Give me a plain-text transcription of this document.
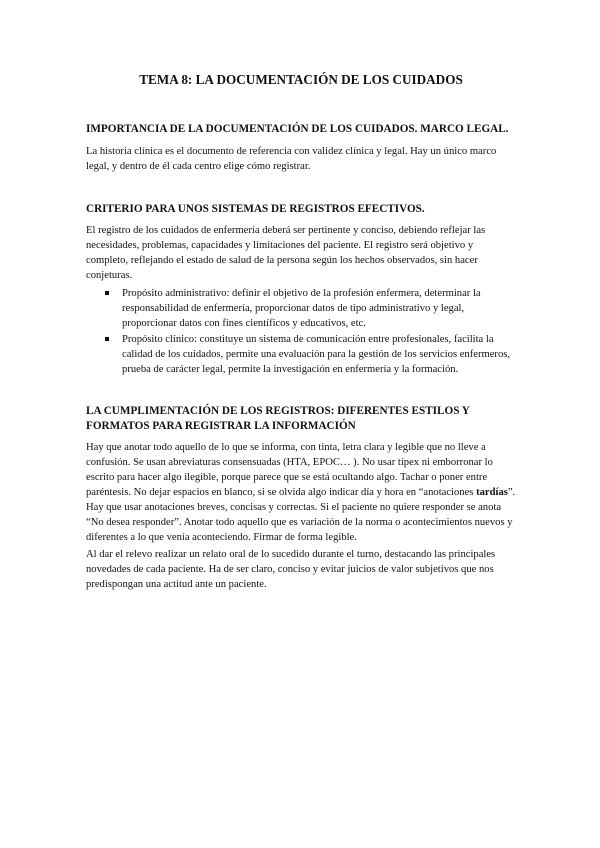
TEMA 8: LA DOCUMENTACIÓN DE LOS CUIDADOS
IMPORTANCIA DE LA DOCUMENTACIÓN DE LOS CUIDADOS. MARCO LEGAL.

La historia clínica es el documento de referencia con validez clínica y legal. Hay un único marco legal, y dentro de él cada centro elige cómo registrar.

CRITERIO PARA UNOS SISTEMAS DE REGISTROS EFECTIVOS.

El registro de los cuidados de enfermería deberá ser pertinente y conciso, debiendo reflejar las necesidades, problemas, capacidades y limitaciones del paciente. El registro será objetivo y completo, reflejando el estado de salud de la persona según los hechos observados, sin hacer conjeturas.

Propósito administrativo: definir el objetivo de la profesión enfermera, determinar la responsabilidad de enfermería, proporcionar datos de tipo administrativo y legal, proporcionar datos con fines científicos y educativos, etc.
Propósito clínico: constituye un sistema de comunicación entre profesionales, facilita la calidad de los cuidados, permite una evaluación para la gestión de los servicios enfermeros, prueba de carácter legal, permite la investigación en enfermería y la formación.
LA CUMPLIMENTACIÓN DE LOS REGISTROS: DIFERENTES ESTILOS Y FORMATOS PARA REGISTRAR LA INFORMACIÓN

Hay que anotar todo aquello de lo que se informa, con tinta, letra clara y legible que no lleve a confusión. Se usan abreviaturas consensuadas (HTA, EPOC… ). No usar típex ni emborronar lo escrito para hacer algo ilegible, porque parece que se está ocultando algo. Tachar o poner entre paréntesis. No dejar espacios en blanco, si se olvida algo indicar día y hora en “anotaciones tardías”. Hay que usar anotaciones breves, concisas y correctas. Si el paciente no quiere responder se anota “No desea responder”. Anotar todo aquello que es variación de la norma o acontecimientos nuevos y diferentes a lo que venía aconteciendo. Firmar de forma legible.

Al dar el relevo realizar un relato oral de lo sucedido durante el turno, destacando las principales novedades de cada paciente. Ha de ser claro, conciso y evitar juicios de valor subjetivos que nos predispongan una actitud ante un paciente.
